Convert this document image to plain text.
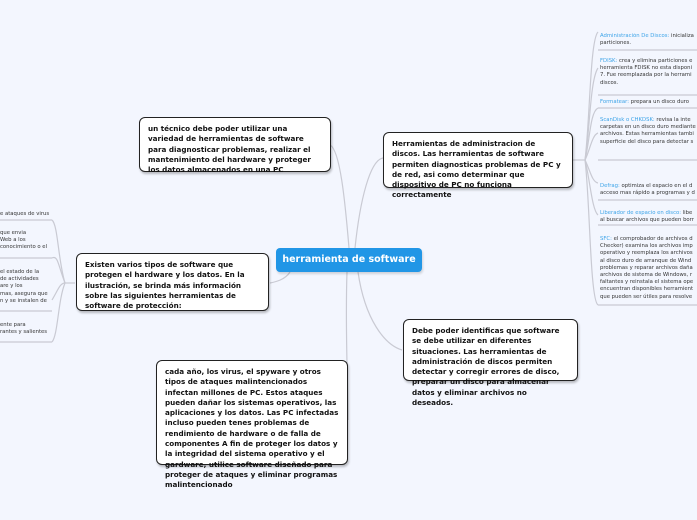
herramienta de software
un técnico debe poder utilizar una variedad de herramientas de software para diagnosticar problemas, realizar el mantenimiento del hardware y proteger los datos almacenados en una PC
Existen varios tipos de software que protegen el hardware y los datos. En la ilustración, se brinda más información sobre las siguientes herramientas de software de protección:
Herramientas de administracion de discos. Las herramientas de software permiten diagnosticas problemas de PC y de red, asi como determinar que dispositivo de PC no funciona correctamente
Debe poder identificas que software se debe utilizar en diferentes situaciones. Las herramientas de administración de discos permiten detectar y corregir errores de disco, preparar un disco para almacenar datos y eliminar archivos no deseados.
cada año, los virus, el spyware y otros tipos de ataques malintencionados infectan millones de PC. Estos ataques pueden dañar los sistemas operativos, las aplicaciones y los datos. Las PC infectadas incluso pueden tenes problemas de rendimiento de hardware o de falla de componentes A fin de proteger los datos y la integridad del sistema operativo y el gardware, utilice software diseñado para proteger de ataques y eliminar programas malintencionado
Administración De Discos: inicializa
particiones.
FDISK: crea y elimina particiones e
herramienta FDISK no esta disponi
7. Fue reemplazada por la herrami
discos.
Formatear: prepara un disco duro
ScanDisk o CHKDSK: revisa la inte
carpetas en un disco duro mediante
archivos. Estas herramientas tambi
superficie del disco para detectar s
Defrag: optimiza el espacio en el d
acceso mas rápido a programas y d
Liberador de espacio en disco: libe
al buscar archivos que pueden borr
SFC: el comprobador de archivos d
Checker) examina los archivos imp
operativo y reemplaza los archivos
al disco duro de arranque de Wind
problemas y reparar archivos daña
archivos de sistema de Windows, r
faltantes y reinstala el sistema ope
encuentran disponibles herramient
que pueden ser útiles para resolve
e ataques de virus
que envia
Web a los
conocimiento o el
el estado de la
de actividades
are y los
mas, asegura que
n y se instalen de
ente para
rantes y salientes
